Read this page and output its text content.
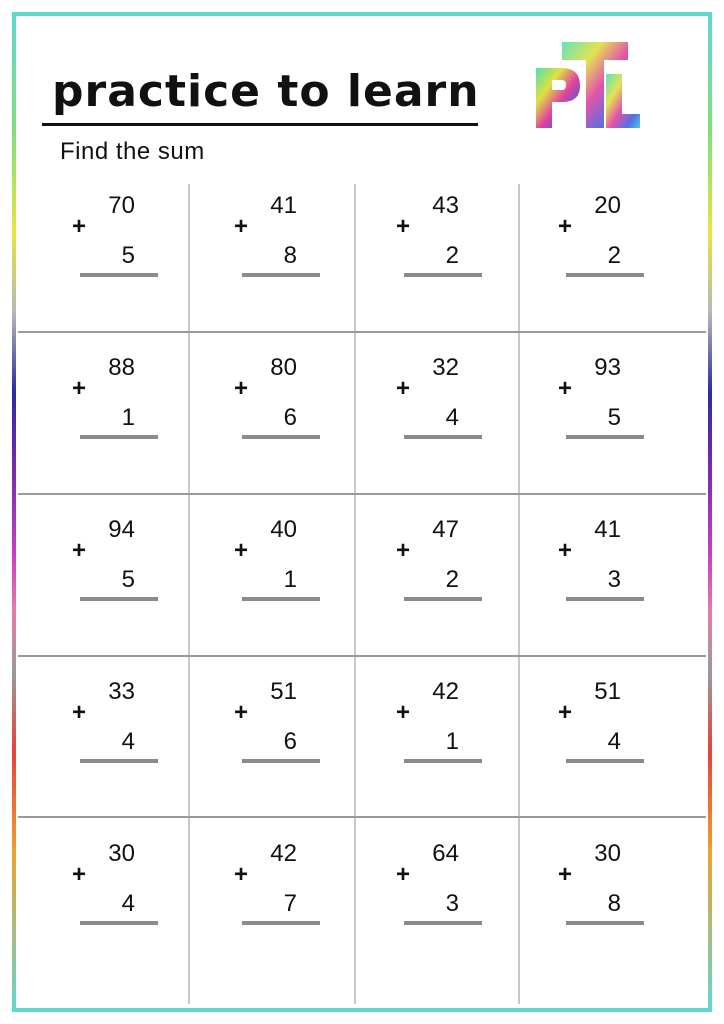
practice to learn
Find the sum
70
+
5
41
+
8
43
+
2
20
+
2
88
+
1
80
+
6
32
+
4
93
+
5
94
+
5
40
+
1
47
+
2
41
+
3
33
+
4
51
+
6
42
+
1
51
+
4
30
+
4
42
+
7
64
+
3
30
+
8
